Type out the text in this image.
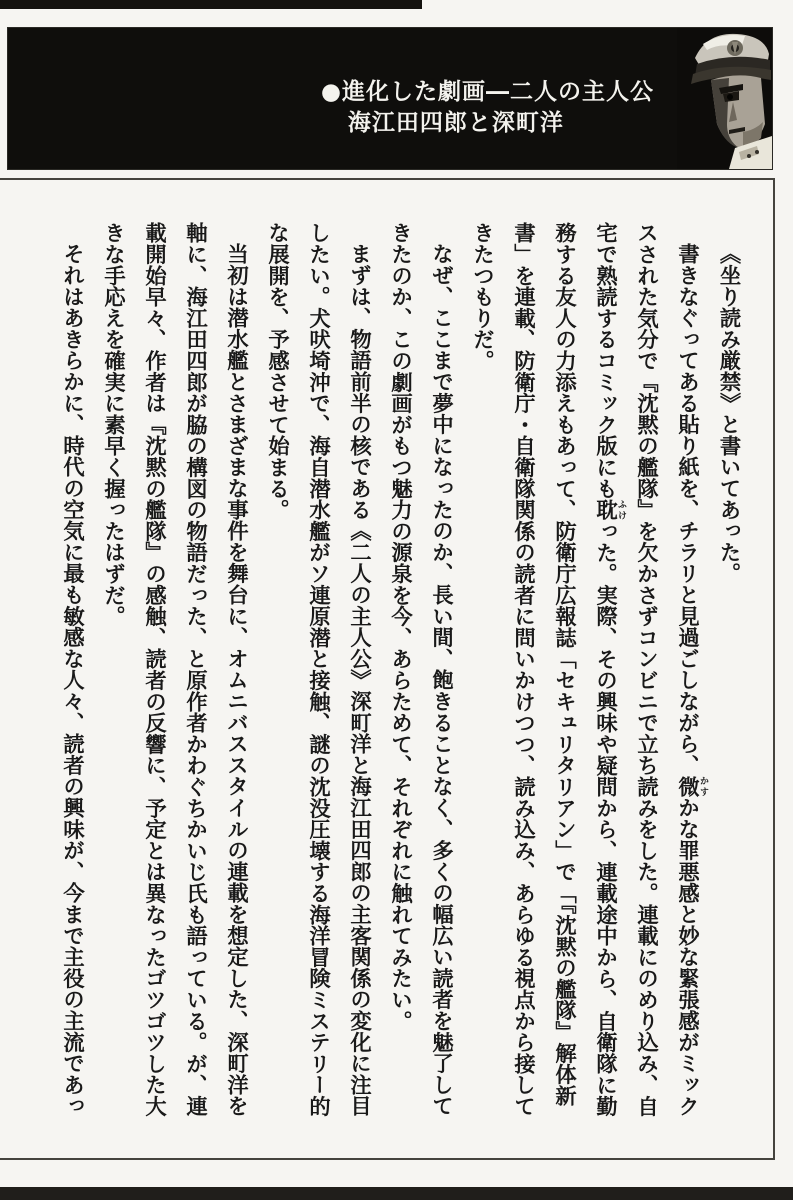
●進化した劇画―二人の主人公
海江田四郎と深町洋

《坐り読み厳禁》と書いてあった。

書きなぐってある貼り紙を、チラリと見過ごしながら、微かすかな罪悪感と妙な緊張感がミックスされた気分で『沈黙の艦隊』を欠かさずコンビニで立ち読みをした。連載にのめり込み、自宅で熟読するコミック版にも耽ふけった。実際、その興味や疑問から、連載途中から、自衛隊に勤務する友人の力添えもあって、防衛庁広報誌「セキュリタリアン」で「『沈黙の艦隊』解体新書」を連載、防衛庁・自衛隊関係の読者に問いかけつつ、読み込み、あらゆる視点から接してきたつもりだ。

なぜ、ここまで夢中になったのか、長い間、飽きることなく、多くの幅広い読者を魅了してきたのか、この劇画がもつ魅力の源泉を今、あらためて、それぞれに触れてみたい。

まずは、物語前半の核である《二人の主人公》深町洋と海江田四郎の主客関係の変化に注目したい。犬吠埼沖で、海自潜水艦がソ連原潜と接触、謎の沈没圧壊する海洋冒険ミステリー的な展開を、予感させて始まる。

当初は潜水艦とさまざまな事件を舞台に、オムニバススタイルの連載を想定した、深町洋を軸に、海江田四郎が脇の構図の物語だった、と原作者かわぐちかいじ氏も語っている。が、連載開始早々、作者は『沈黙の艦隊』の感触、読者の反響に、予定とは異なったゴツゴツした大きな手応えを確実に素早く握ったはずだ。

それはあきらかに、時代の空気に最も敏感な人々、読者の興味が、今まで主役の主流であっ
